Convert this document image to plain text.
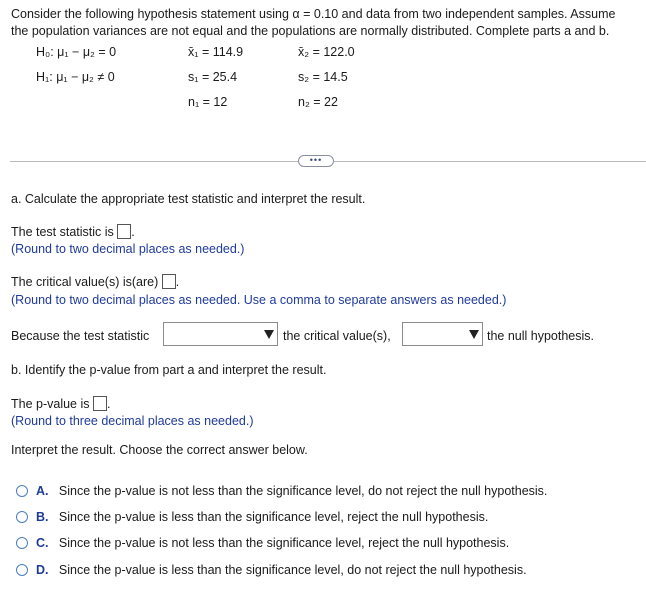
Consider the following hypothesis statement using α = 0.10 and data from two independent samples. Assume
the population variances are not equal and the populations are normally distributed. Complete parts a and b.
H₀: μ₁ − μ₂ = 0
H₁: μ₁ − μ₂ ≠ 0
x̄₁ = 114.9
s₁ = 25.4
n₁ = 12
x̄₂ = 122.0
s₂ = 14.5
n₂ = 22
•••
a. Calculate the appropriate test statistic and interpret the result.
The test statistic is .
(Round to two decimal places as needed.)
The critical value(s) is(are) .
(Round to two decimal places as needed. Use a comma to separate answers as needed.)
Because the test statistic	the critical value(s),	the null hypothesis.
b. Identify the p-value from part a and interpret the result.
The p-value is .
(Round to three decimal places as needed.)
Interpret the result. Choose the correct answer below.
A. Since the p-value is not less than the significance level, do not reject the null hypothesis.
B. Since the p-value is less than the significance level, reject the null hypothesis.
C. Since the p-value is not less than the significance level, reject the null hypothesis.
D. Since the p-value is less than the significance level, do not reject the null hypothesis.
